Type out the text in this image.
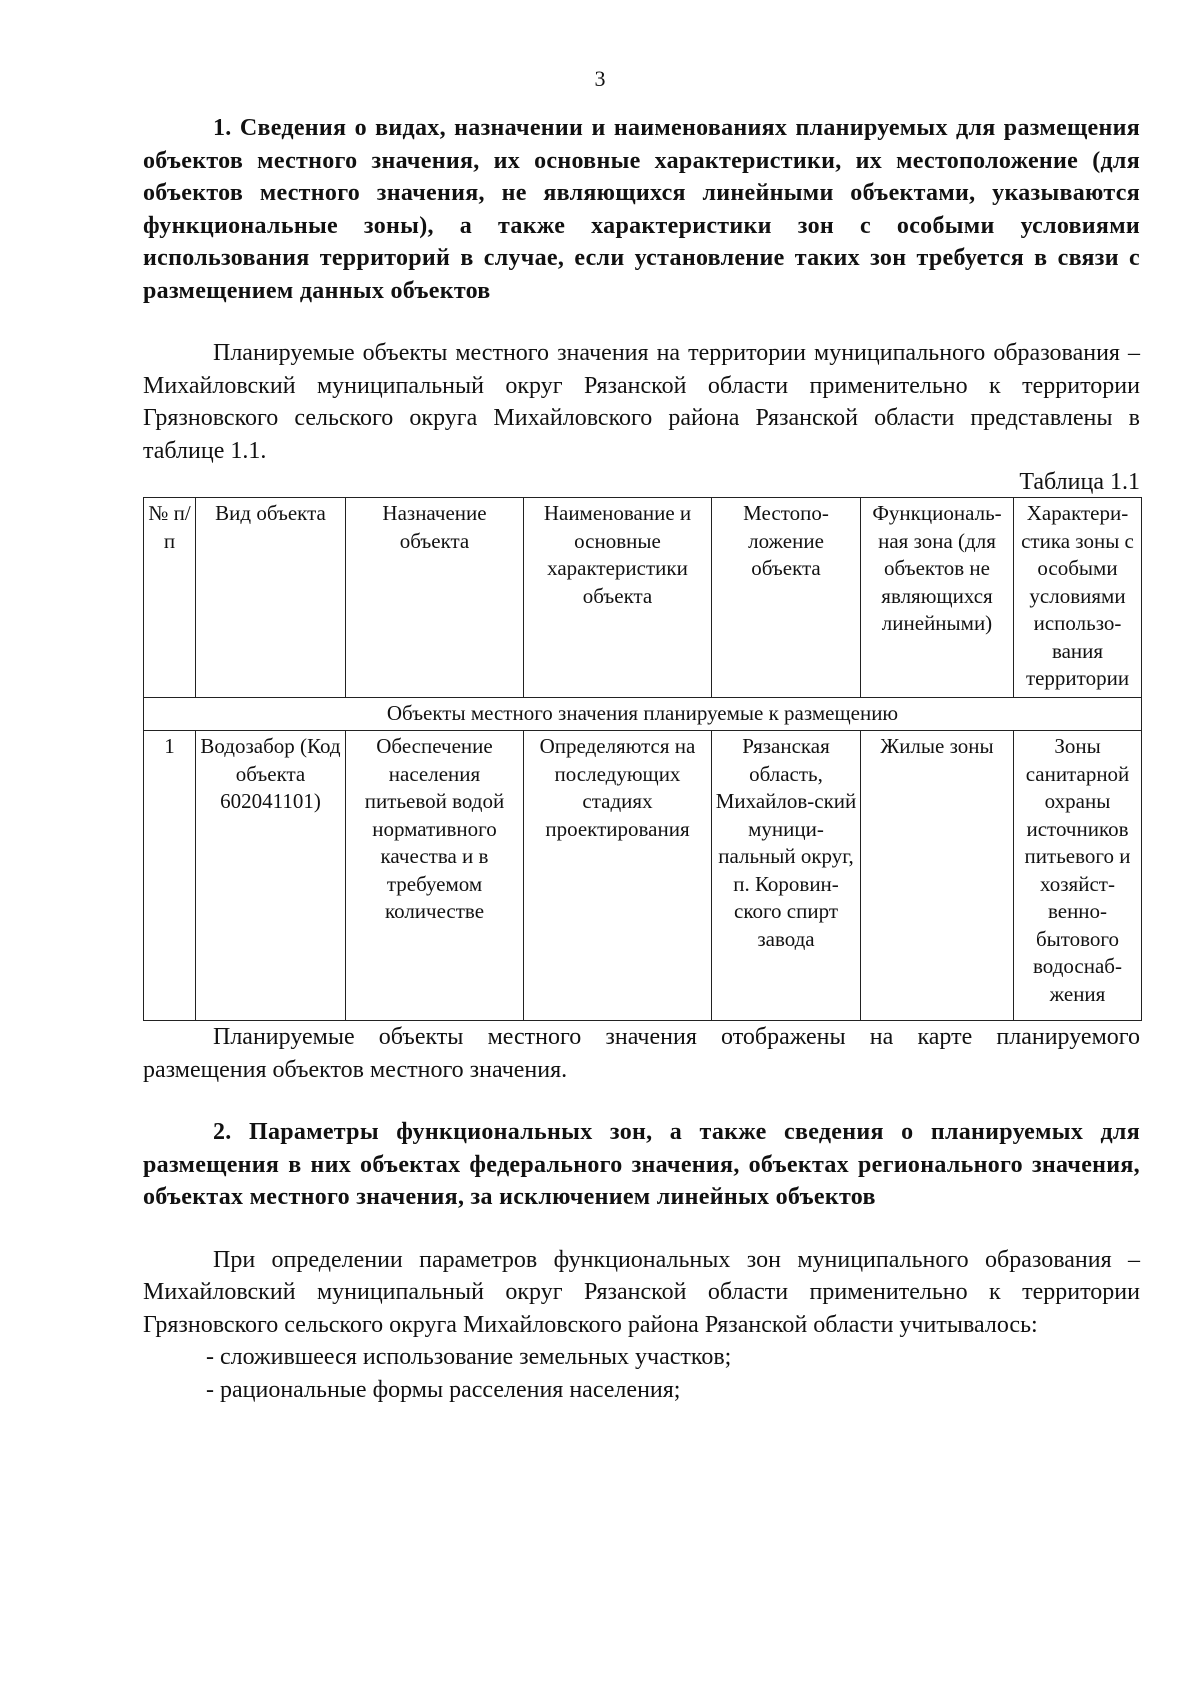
3

1. Сведения о видах, назначении и наименованиях планируемых для размещения объектов местного значения, их основные характеристики, их местоположение (для объектов местного значения, не являющихся линейными объектами, указываются функциональные зоны), а также характеристики зон с особыми условиями использования территорий в случае, если установление таких зон требуется в связи с размещением данных объектов

Планируемые объекты местного значения на территории муниципального образования – Михайловский муниципальный округ Рязанской области применительно к территории Грязновского сельского округа Михайловского района Рязанской области представлены в таблице 1.1.

Таблица 1.1

№ п/п	Вид объекта	Назначение объекта	Наименование и основные характеристики объекта	Местопо-ложение объекта	Функциональ-ная зона (для объектов не являющихся линейными)	Характери-стика зоны с особыми условиями использо-вания территории
Объекты местного значения планируемые к размещению						
1	Водозабор (Код объекта 602041101)	Обеспечение населения питьевой водой нормативного качества и в требуемом количестве	Определяются на последующих стадиях проектирования	Рязанская область, Михайлов-ский муници-пальный округ, п. Коровин-ского спирт завода	Жилые зоны	Зоны санитарной охраны источников питьевого и хозяйст-венно-бытового водоснаб-жения

Планируемые объекты местного значения отображены на карте планируемого размещения объектов местного значения.

2. Параметры функциональных зон, а также сведения о планируемых для размещения в них объектах федерального значения, объектах регионального значения, объектах местного значения, за исключением линейных объектов

При определении параметров функциональных зон муниципального образования – Михайловский муниципальный округ Рязанской области применительно к территории Грязновского сельского округа Михайловского района Рязанской области учитывалось:

- сложившееся использование земельных участков;

- рациональные формы расселения населения;
